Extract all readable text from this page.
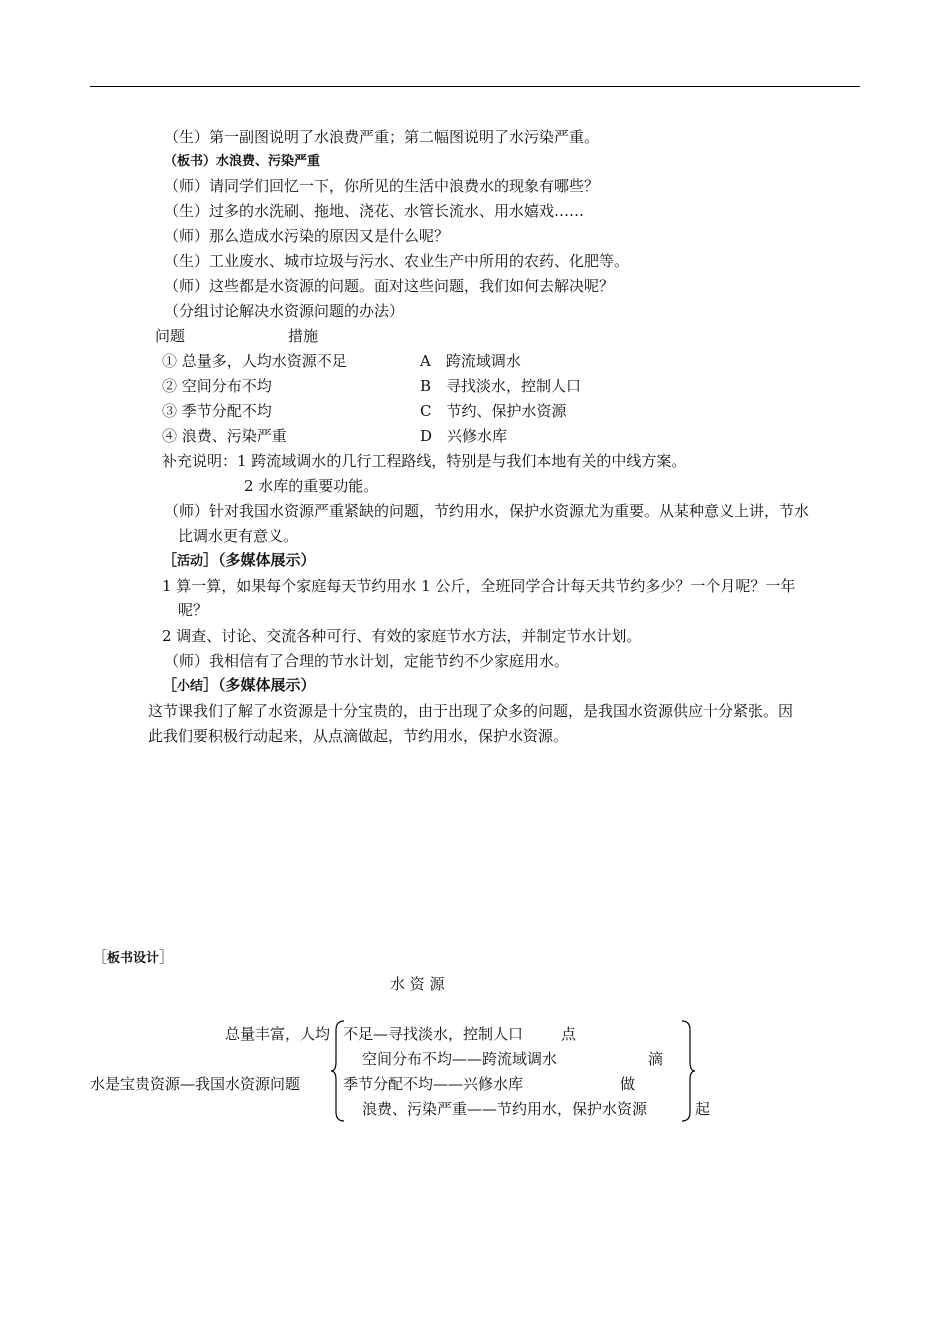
（生）第一副图说明了水浪费严重；第二幅图说明了水污染严重。
（板书）水浪费、污染严重
（师）请同学们回忆一下，你所见的生活中浪费水的现象有哪些？
（生）过多的水洗刷、拖地、浇花、水管长流水、用水嬉戏……
（师）那么造成水污染的原因又是什么呢？
（生）工业废水、城市垃圾与污水、农业生产中所用的农药、化肥等。
（师）这些都是水资源的问题。面对这些问题，我们如何去解决呢？
（分组讨论解决水资源问题的办法）
问题	措施
① 总量多，人均水资源不足
② 空间分布不均
③ 季节分配不均
④ 浪费、污染严重
A　跨流域调水
B　寻找淡水，控制人口
C　节约、保护水资源
D　兴修水库
补充说明：1 跨流域调水的几行工程路线，特别是与我们本地有关的中线方案。
2 水库的重要功能。
（师）针对我国水资源严重紧缺的问题，节约用水，保护水资源尤为重要。从某种意义上讲，节水
比调水更有意义。
［活动］（多媒体展示）
1 算一算，如果每个家庭每天节约用水 1 公斤，全班同学合计每天共节约多少？一个月呢？一年
呢？
2 调查、讨论、交流各种可行、有效的家庭节水方法，并制定节水计划。
（师）我相信有了合理的节水计划，定能节约不少家庭用水。
［小结］（多媒体展示）
这节课我们了解了水资源是十分宝贵的，由于出现了众多的问题，是我国水资源供应十分紧张。因
此我们要积极行动起来，从点滴做起，节约用水，保护水资源。
［板书设计］
水 资 源
总量丰富，人均
水是宝贵资源—我国水资源问题
不足—寻找淡水，控制人口
空间分布不均——跨流域调水
季节分配不均——兴修水库
浪费、污染严重——节约用水，保护水资源
点
滴
做
起
